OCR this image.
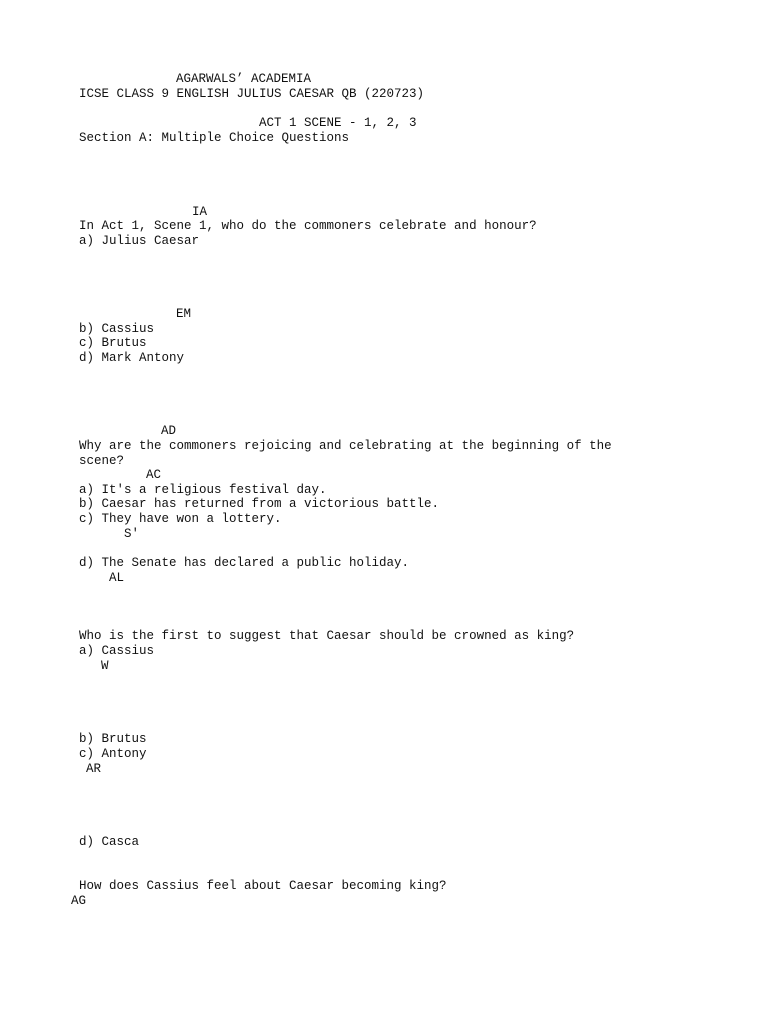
AGARWALS’ ACADEMIA
ICSE CLASS 9 ENGLISH JULIUS CAESAR QB (220723)
ACT 1 SCENE - 1, 2, 3
Section A: Multiple Choice Questions
IA
In Act 1, Scene 1, who do the commoners celebrate and honour?
a) Julius Caesar
EM
b) Cassius
c) Brutus
d) Mark Antony
AD
Why are the commoners rejoicing and celebrating at the beginning of the
scene?
AC
a) It's a religious festival day.
b) Caesar has returned from a victorious battle.
c) They have won a lottery.
S'
d) The Senate has declared a public holiday.
AL
Who is the first to suggest that Caesar should be crowned as king?
a) Cassius
W
b) Brutus
c) Antony
AR
d) Casca
How does Cassius feel about Caesar becoming king?
AG
